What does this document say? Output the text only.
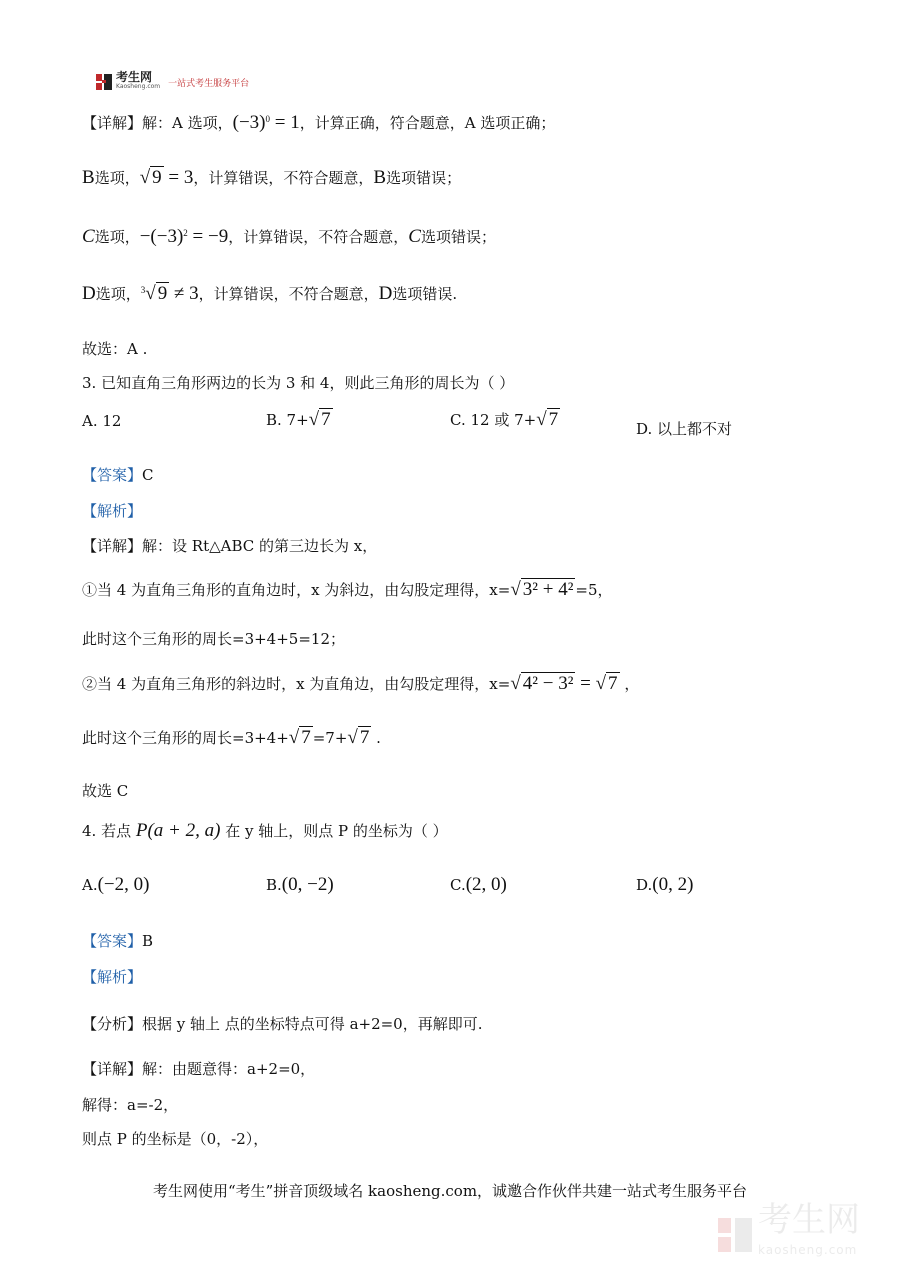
考生网
Kaosheng.com 一站式考生服务平台
【详解】解：A 选项，$(-3)^0 = 1$，计算正确，符合题意，A 选项正确；
B选项，√ 9 = 3，计算错误，不符合题意，B选项错误；
C选项，$-(-3)^2 = -9$，计算错误，不符合题意，C选项错误；
D选项，$^3$√ 9 ≠ 3，计算错误，不符合题意，D选项错误.
故选：A .
3. 已知直角三角形两边的长为 3 和 4，则此三角形的周长为（ ）
A. 12	B. 7+√ 7	C. 12 或 7+√ 7	D. 以上都不对
【答案】C
【解析】
【详解】解：设 Rt△ABC 的第三边长为 x，
①当 4 为直角三角形的直角边时，x 为斜边，由勾股定理得，x=√ 3² + 4² =5，
此时这个三角形的周长=3+4+5=12；
②当 4 为直角三角形的斜边时，x 为直角边，由勾股定理得，x=√ 4² − 3² = √ 7 ，
此时这个三角形的周长=3+4+√ 7 =7+√ 7 .
故选 C
4. 若点 P(a + 2, a) 在 y 轴上，则点 P 的坐标为（ ）
A.(−2, 0)	B.(0, −2)	C.(2, 0)	D.(0, 2)
【答案】B
【解析】
【分析】根据 y 轴上 点的坐标特点可得 a+2=0，再解即可.
【详解】解：由题意得：a+2=0，
解得：a=-2，
则点 P 的坐标是（0，-2），
考生网使用“考生”拼音顶级域名 kaosheng.com，诚邀合作伙伴共建一站式考生服务平台
考生网
kaosheng.com
